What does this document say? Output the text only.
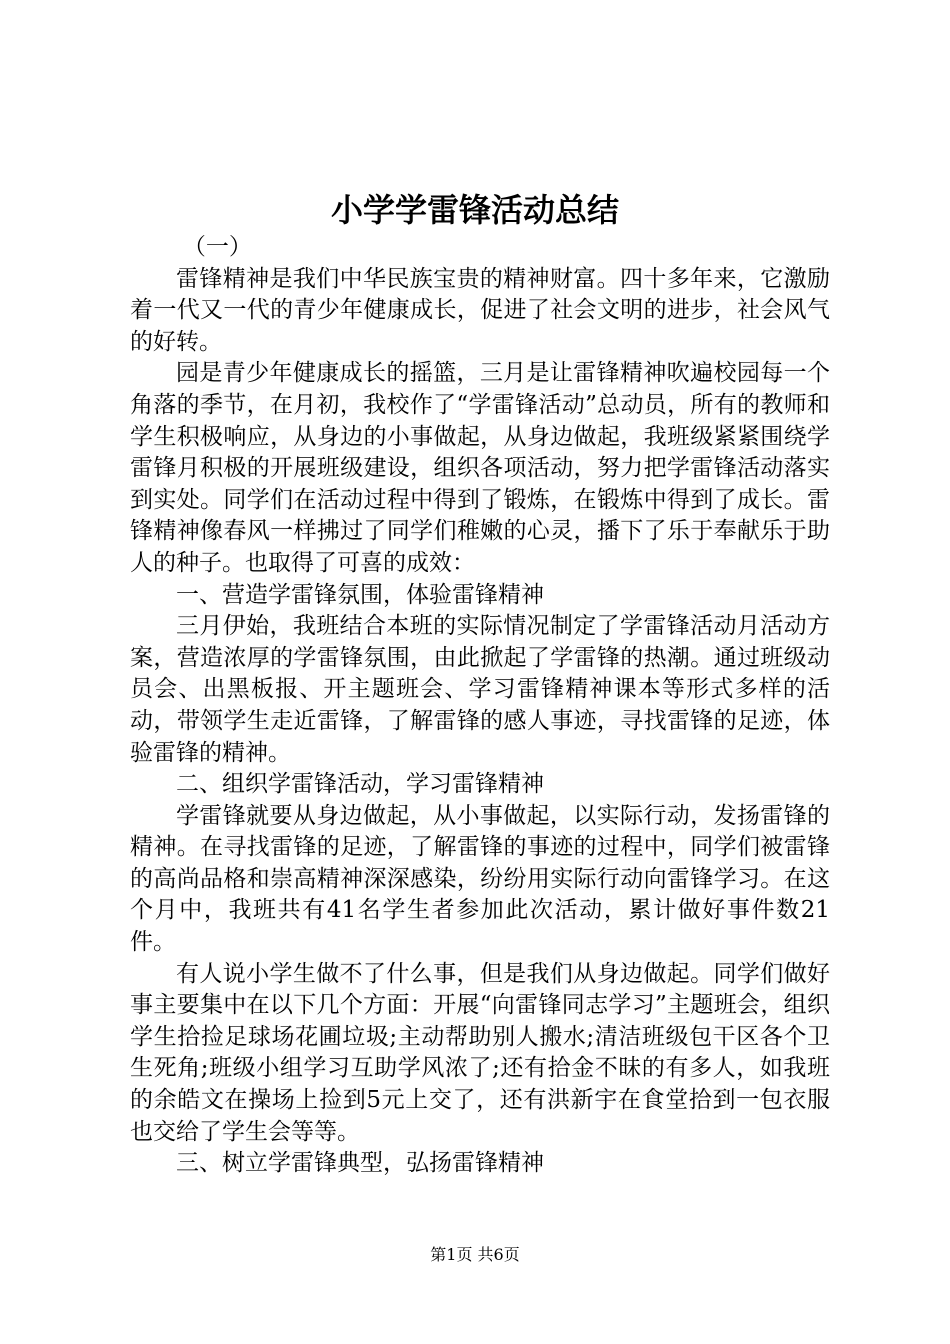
小学学雷锋活动总结

（一）

雷锋精神是我们中华民族宝贵的精神财富。四十多年来，它激励着一代又一代的青少年健康成长，促进了社会文明的进步，社会风气的好转。

园是青少年健康成长的摇篮，三月是让雷锋精神吹遍校园每一个角落的季节，在月初，我校作了“学雷锋活动”总动员，所有的教师和学生积极响应，从身边的小事做起，从身边做起，我班级紧紧围绕学雷锋月积极的开展班级建设，组织各项活动，努力把学雷锋活动落实到实处。同学们在活动过程中得到了锻炼，在锻炼中得到了成长。雷锋精神像春风一样拂过了同学们稚嫩的心灵，播下了乐于奉献乐于助人的种子。也取得了可喜的成效：

一、营造学雷锋氛围，体验雷锋精神

三月伊始，我班结合本班的实际情况制定了学雷锋活动月活动方案，营造浓厚的学雷锋氛围，由此掀起了学雷锋的热潮。通过班级动员会、出黑板报、开主题班会、学习雷锋精神课本等形式多样的活动，带领学生走近雷锋，了解雷锋的感人事迹，寻找雷锋的足迹，体验雷锋的精神。

二、组织学雷锋活动，学习雷锋精神

学雷锋就要从身边做起，从小事做起，以实际行动，发扬雷锋的精神。在寻找雷锋的足迹，了解雷锋的事迹的过程中，同学们被雷锋的高尚品格和崇高精神深深感染，纷纷用实际行动向雷锋学习。在这个月中，我班共有41名学生者参加此次活动，累计做好事件数21件。

有人说小学生做不了什么事，但是我们从身边做起。同学们做好事主要集中在以下几个方面：开展“向雷锋同志学习”主题班会，组织学生拾捡足球场花圃垃圾;主动帮助别人搬水;清洁班级包干区各个卫生死角;班级小组学习互助学风浓了;还有拾金不昧的有多人，如我班的余皓文在操场上捡到5元上交了，还有洪新宇在食堂拾到一包衣服也交给了学生会等等。

三、树立学雷锋典型，弘扬雷锋精神

第1页 共6页
